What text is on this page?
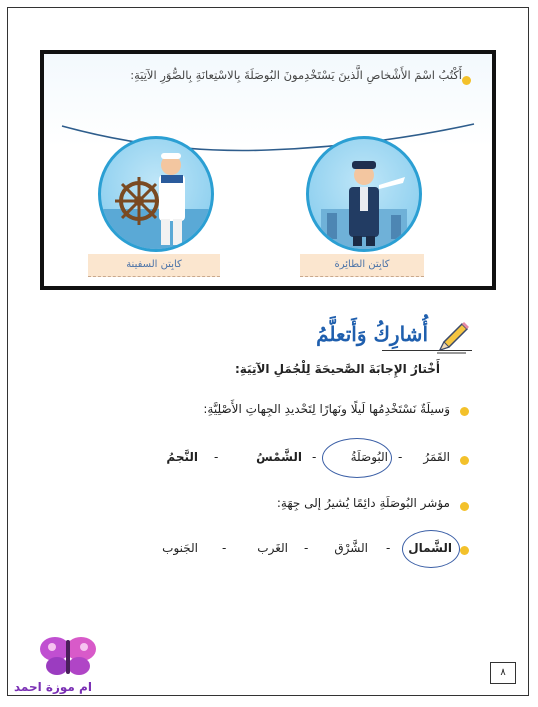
أَكْتُبُ اسْمَ الأَشْخاصِ الَّذينَ يَسْتَخْدِمونَ البُوصَلَةَ بِالاسْتِعانَةِ بِالصُّوَرِ الآتِيَةِ:
كابِتن الطائِرة
كابِتن السفينة
أُشارِكُ وَأَتعلَّمُ
أَخْتارُ الإِجابَةَ الصَّحيحَةَ لِلْجُمَلِ الآتِيَةِ:
وَسيلَةٌ نَسْتَخْدِمُها لَيلًا ونَهارًا لِتَحْديدِ الجِهاتِ الأَصْلِيَّةِ:
القَمَرُ
-
البُوصَلَةُ
-
الشَّمْسُ
-
النَّجمُ
مؤشر البُوصَلَةِ دائِمًا يُشيرُ إلى جِهَةِ:
الشَّمال
-
الشَّرْق
-
الغَرب
-
الجَنوب
ام موزة احمد
٨
